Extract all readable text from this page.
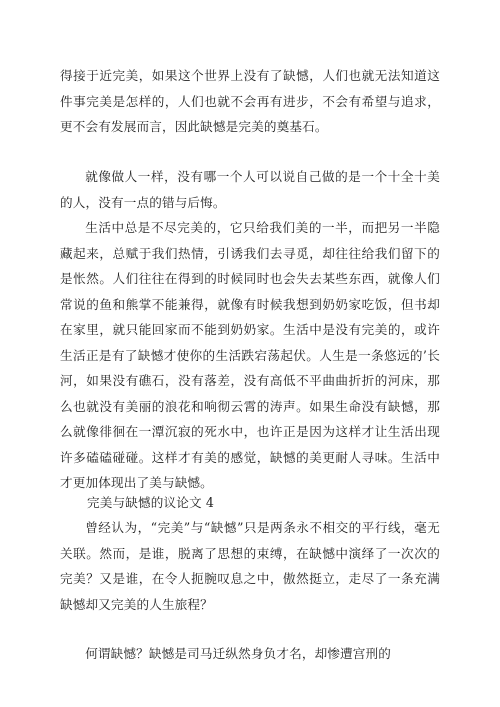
得接于近完美，如果这个世界上没有了缺憾，人们也就无法知道这件事完美是怎样的，人们也就不会再有进步，不会有希望与追求，更不会有发展而言，因此缺憾是完美的奠基石。

就像做人一样，没有哪一个人可以说自己做的是一个十全十美的人，没有一点的错与后悔。

生活中总是不尽完美的，它只给我们美的一半，而把另一半隐藏起来，总赋于我们热情，引诱我们去寻觅，却往往给我们留下的是怅然。人们往往在得到的时候同时也会失去某些东西，就像人们常说的鱼和熊掌不能兼得，就像有时候我想到奶奶家吃饭，但书却在家里，就只能回家而不能到奶奶家。生活中是没有完美的，或许生活正是有了缺憾才使你的生活跌宕荡起伏。人生是一条悠远的’长河，如果没有礁石，没有落差，没有高低不平曲曲折折的河床，那么也就没有美丽的浪花和响彻云霄的涛声。如果生命没有缺憾，那么就像徘徊在一潭沉寂的死水中，也许正是因为这样才让生活出现许多磕磕碰碰。这样才有美的感觉，缺憾的美更耐人寻味。生活中才更加体现出了美与缺憾。

完美与缺憾的议论文 4

曾经认为，“完美”与“缺憾”只是两条永不相交的平行线，毫无关联。然而，是谁，脱离了思想的束缚，在缺憾中演绎了一次次的完美？又是谁，在令人扼腕叹息之中，傲然挺立，走尽了一条充满缺憾却又完美的人生旅程？

何谓缺憾？缺憾是司马迁纵然身负才名，却惨遭宫刑的
